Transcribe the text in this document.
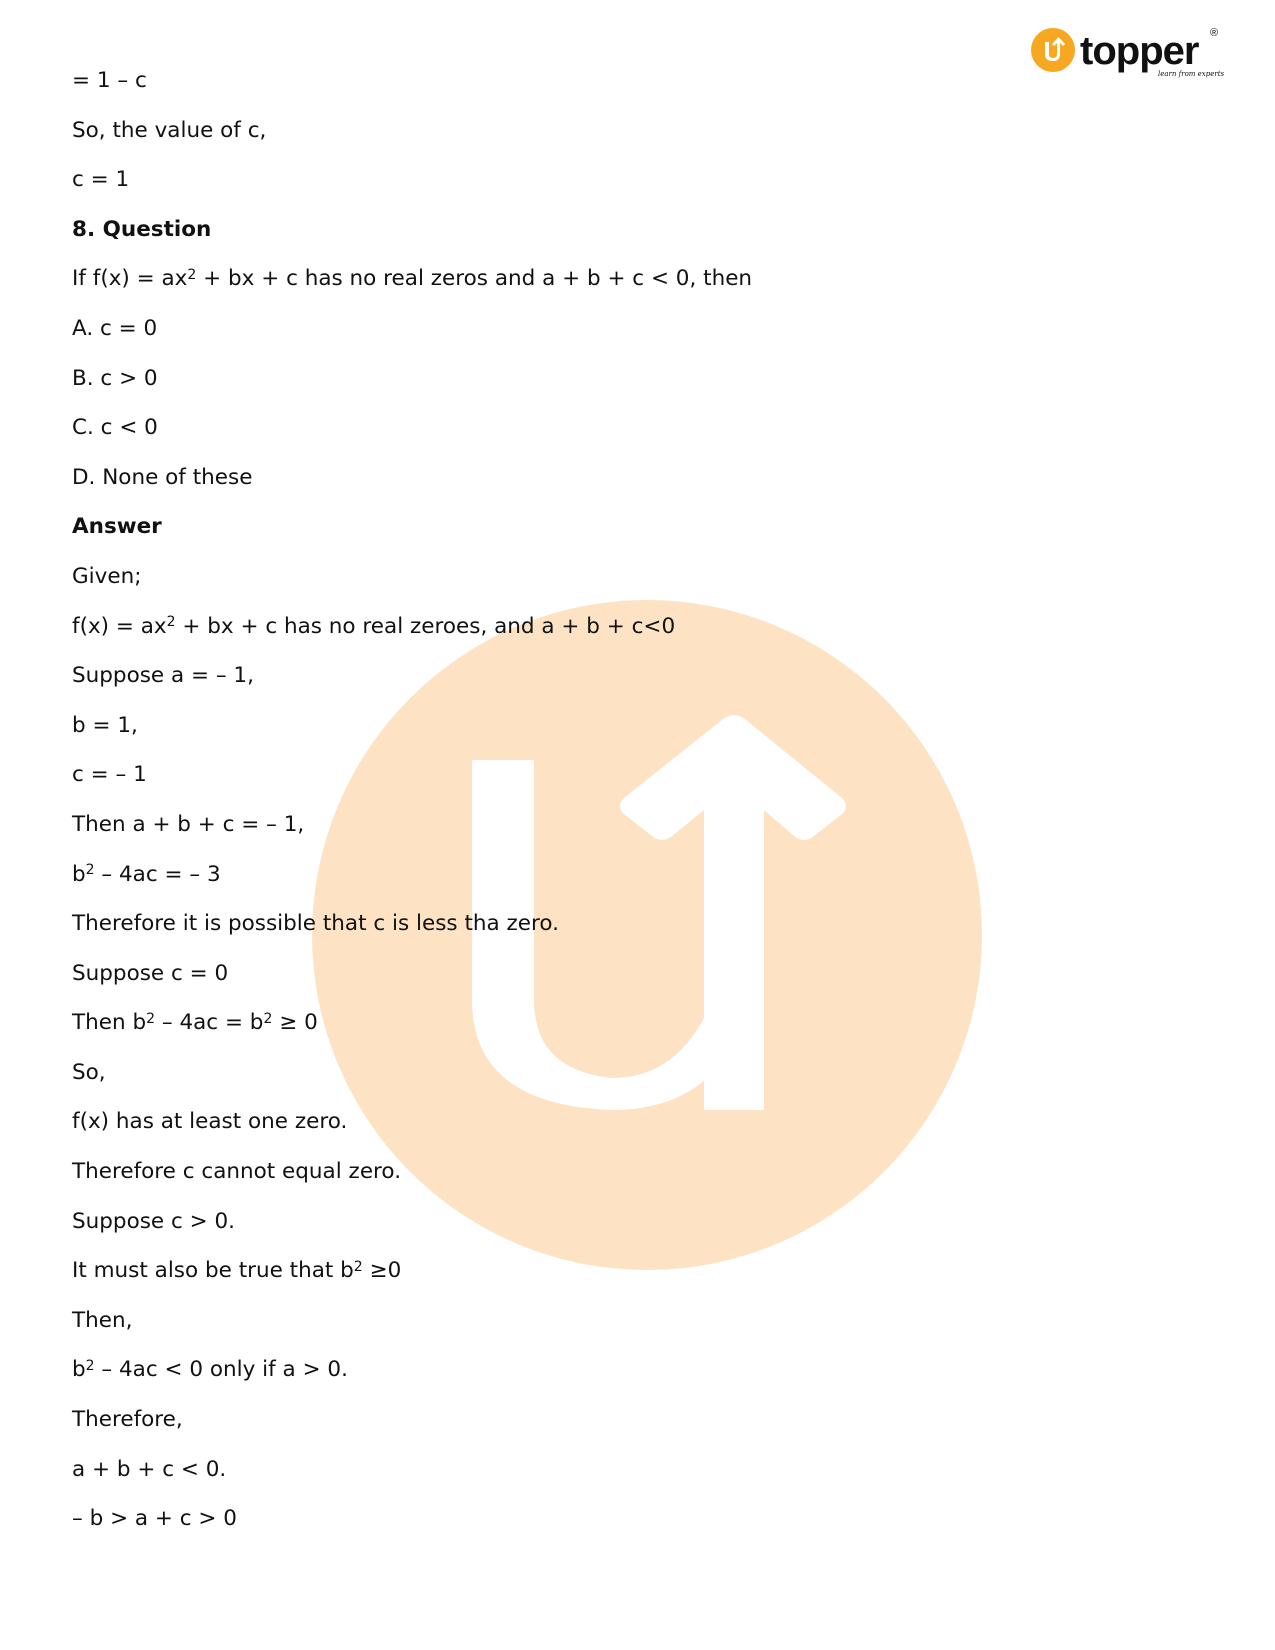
topper ®
learn from experts
= 1 – c
So, the value of c,
c = 1
8. Question
If $f(x) = ax^2$ + bx + c has no real zeros and a + b + c < 0, then
A. c = 0
B. c > 0
C. c < 0
D. None of these
Answer
Given;
$f(x) = ax^2$ + bx + c has no real zeroes, and a + b + c<0
Suppose a = – 1,
b = 1,
c = – 1
Then a + b + c = – 1,
$b^2 - 4ac$ = – 3
Therefore it is possible that c is less tha zero.
Suppose c = 0
Then $b^2 - 4ac = b^2 \ge 0$
So,
f(x) has at least one zero.
Therefore c cannot equal zero.
Suppose c > 0.
It must also be true that $b^2 \ge 0$
Then,
$b^2 - 4ac < 0$ only if a > 0.
Therefore,
a + b + c < 0.
– b > a + c > 0
